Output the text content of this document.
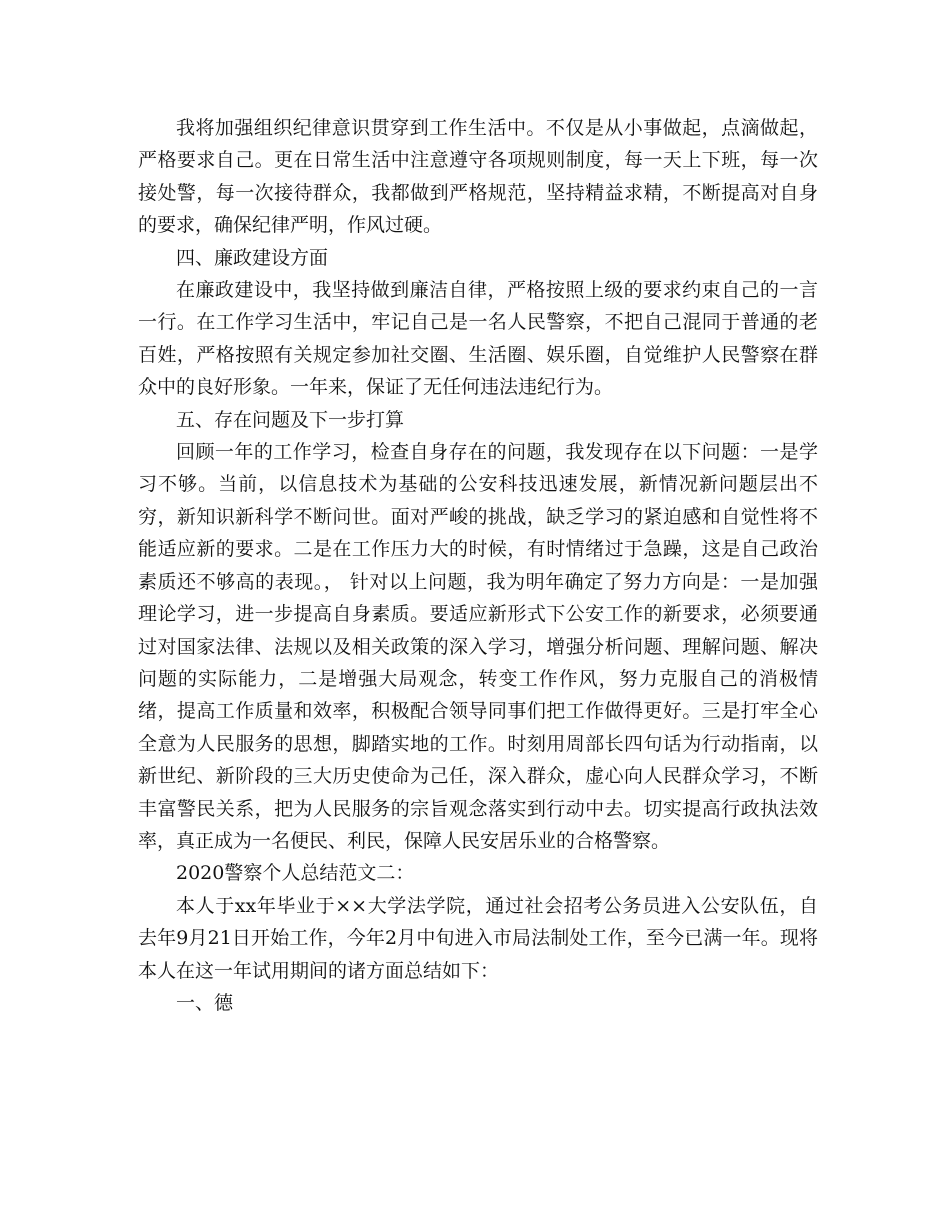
我将加强组织纪律意识贯穿到工作生活中。不仅是从小事做起，点滴做起，严格要求自己。更在日常生活中注意遵守各项规则制度，每一天上下班，每一次接处警，每一次接待群众，我都做到严格规范，坚持精益求精，不断提高对自身的要求，确保纪律严明，作风过硬。

四、廉政建设方面

在廉政建设中，我坚持做到廉洁自律，严格按照上级的要求约束自己的一言一行。在工作学习生活中，牢记自己是一名人民警察，不把自己混同于普通的老百姓，严格按照有关规定参加社交圈、生活圈、娱乐圈，自觉维护人民警察在群众中的良好形象。一年来，保证了无任何违法违纪行为。

五、存在问题及下一步打算

回顾一年的工作学习，检查自身存在的问题，我发现存在以下问题：一是学习不够。当前，以信息技术为基础的公安科技迅速发展，新情况新问题层出不穷，新知识新科学不断问世。面对严峻的挑战，缺乏学习的紧迫感和自觉性将不能适应新的要求。二是在工作压力大的时候，有时情绪过于急躁，这是自己政治素质还不够高的表现。， 针对以上问题，我为明年确定了努力方向是：一是加强理论学习，进一步提高自身素质。要适应新形式下公安工作的新要求，必须要通过对国家法律、法规以及相关政策的深入学习，增强分析问题、理解问题、解决问题的实际能力，二是增强大局观念，转变工作作风，努力克服自己的消极情绪，提高工作质量和效率，积极配合领导同事们把工作做得更好。三是打牢全心全意为人民服务的思想，脚踏实地的工作。时刻用周部长四句话为行动指南，以新世纪、新阶段的三大历史使命为己任，深入群众，虚心向人民群众学习，不断丰富警民关系，把为人民服务的宗旨观念落实到行动中去。切实提高行政执法效率，真正成为一名便民、利民，保障人民安居乐业的合格警察。

2020警察个人总结范文二：

本人于xx年毕业于××大学法学院，通过社会招考公务员进入公安队伍，自去年9月21日开始工作，今年2月中旬进入市局法制处工作，至今已满一年。现将本人在这一年试用期间的诸方面总结如下：

一、德
